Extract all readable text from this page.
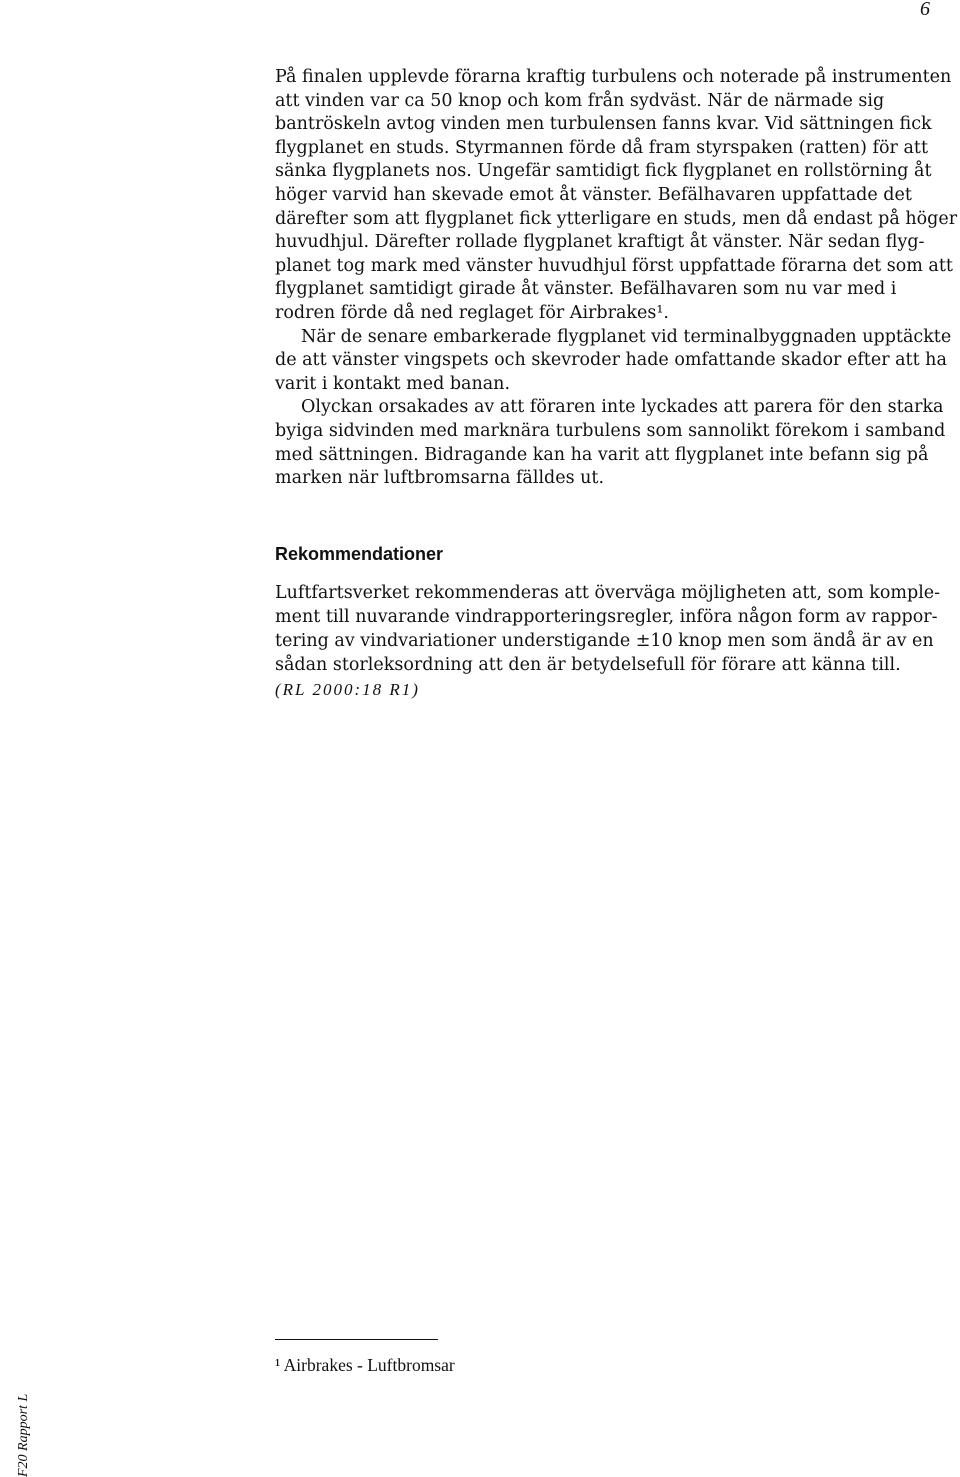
6

På finalen upplevde förarna kraftig turbulens och noterade på instrumenten att vinden var ca 50 knop och kom från sydväst. När de närmade sig bantröskeln avtog vinden men turbulensen fanns kvar. Vid sättningen fick flygplanet en studs. Styrmannen förde då fram styrspaken (ratten) för att sänka flygplanets nos. Ungefär samtidigt fick flygplanet en rollstörning åt höger varvid han skevade emot åt vänster. Befälhavaren uppfattade det därefter som att flygplanet fick ytterligare en studs, men då endast på höger huvudhjul. Därefter rollade flygplanet kraftigt åt vänster. När sedan flyg-planet tog mark med vänster huvudhjul först uppfattade förarna det som att flygplanet samtidigt girade åt vänster. Befälhavaren som nu var med i rodren förde då ned reglaget för Airbrakes¹.

När de senare embarkerade flygplanet vid terminalbyggnaden upptäckte de att vänster vingspets och skevroder hade omfattande skador efter att ha varit i kontakt med banan.

Olyckan orsakades av att föraren inte lyckades att parera för den starka byiga sidvinden med marknära turbulens som sannolikt förekom i samband med sättningen. Bidragande kan ha varit att flygplanet inte befann sig på marken när luftbromsarna fälldes ut.

Rekommendationer

Luftfartsverket rekommenderas att överväga möjligheten att, som komple-ment till nuvarande vindrapporteringsregler, införa någon form av rappor-tering av vindvariationer understigande ±10 knop men som ändå är av en sådan storleksordning att den är betydelsefull för förare att känna till.

(RL 2000:18 R1)

¹ Airbrakes - Luftbromsar
F20 Rapport L
